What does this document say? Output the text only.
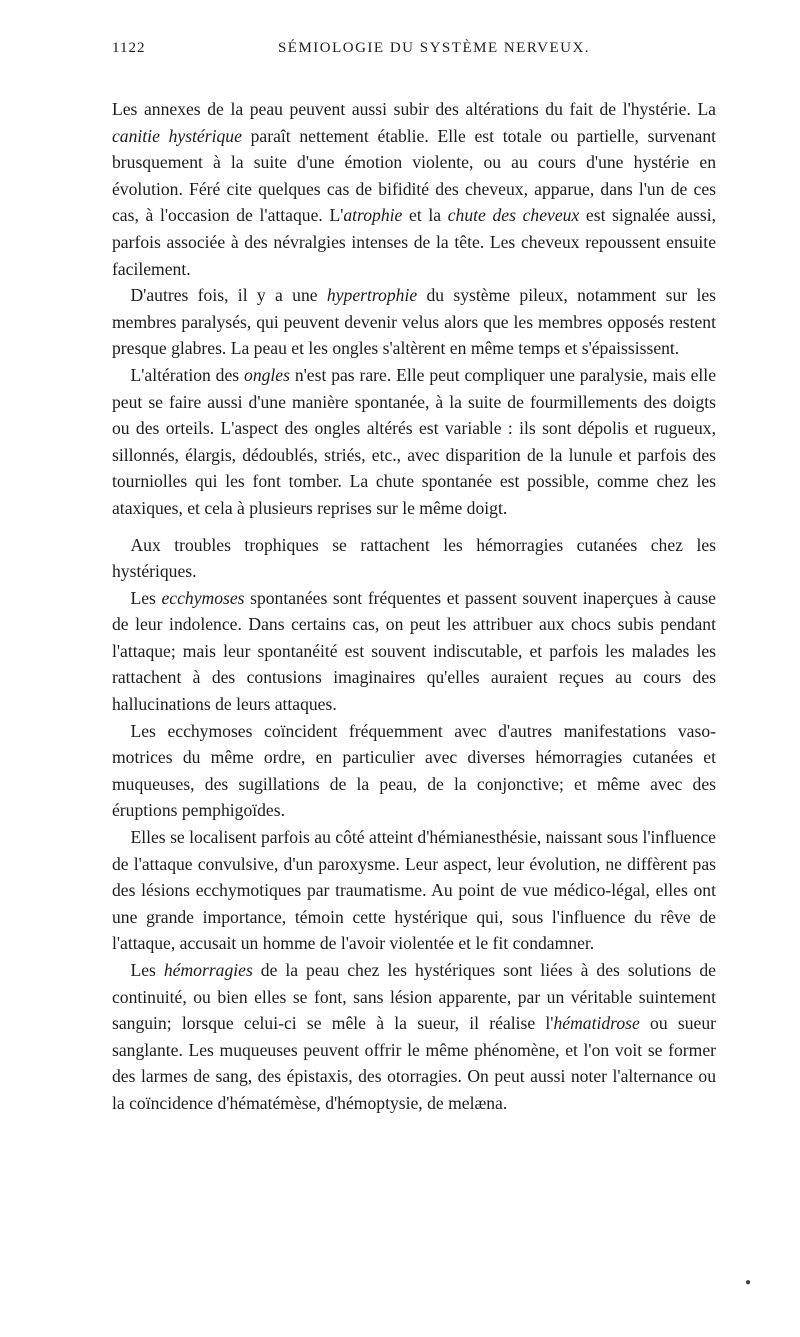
1122	SÉMIOLOGIE DU SYSTÈME NERVEUX.

Les annexes de la peau peuvent aussi subir des altérations du fait de l'hystérie. La canitie hystérique paraît nettement établie. Elle est totale ou partielle, survenant brusquement à la suite d'une émotion violente, ou au cours d'une hystérie en évolution. Féré cite quelques cas de bifidité des cheveux, apparue, dans l'un de ces cas, à l'occasion de l'attaque. L'atrophie et la chute des cheveux est signalée aussi, parfois associée à des névralgies intenses de la tête. Les cheveux repoussent ensuite facilement.

D'autres fois, il y a une hypertrophie du système pileux, notamment sur les membres paralysés, qui peuvent devenir velus alors que les membres opposés restent presque glabres. La peau et les ongles s'altèrent en même temps et s'épaississent.

L'altération des ongles n'est pas rare. Elle peut compliquer une paralysie, mais elle peut se faire aussi d'une manière spontanée, à la suite de fourmillements des doigts ou des orteils. L'aspect des ongles altérés est variable : ils sont dépolis et rugueux, sillonnés, élargis, dédoublés, striés, etc., avec disparition de la lunule et parfois des tourniolles qui les font tomber. La chute spontanée est possible, comme chez les ataxiques, et cela à plusieurs reprises sur le même doigt.

Aux troubles trophiques se rattachent les hémorragies cutanées chez les hystériques.

Les ecchymoses spontanées sont fréquentes et passent souvent inaperçues à cause de leur indolence. Dans certains cas, on peut les attribuer aux chocs subis pendant l'attaque; mais leur spontanéité est souvent indiscutable, et parfois les malades les rattachent à des contusions imaginaires qu'elles auraient reçues au cours des hallucinations de leurs attaques.

Les ecchymoses coïncident fréquemment avec d'autres manifestations vaso-motrices du même ordre, en particulier avec diverses hémorragies cutanées et muqueuses, des sugillations de la peau, de la conjonctive; et même avec des éruptions pemphigoïdes.

Elles se localisent parfois au côté atteint d'hémianesthésie, naissant sous l'influence de l'attaque convulsive, d'un paroxysme. Leur aspect, leur évolution, ne diffèrent pas des lésions ecchymotiques par traumatisme. Au point de vue médico-légal, elles ont une grande importance, témoin cette hystérique qui, sous l'influence du rêve de l'attaque, accusait un homme de l'avoir violentée et le fit condamner.

Les hémorragies de la peau chez les hystériques sont liées à des solutions de continuité, ou bien elles se font, sans lésion apparente, par un véritable suintement sanguin; lorsque celui-ci se mêle à la sueur, il réalise l'hématidrose ou sueur sanglante. Les muqueuses peuvent offrir le même phénomène, et l'on voit se former des larmes de sang, des épistaxis, des otorragies. On peut aussi noter l'alternance ou la coïncidence d'hématémèse, d'hémoptysie, de melæna.

●
